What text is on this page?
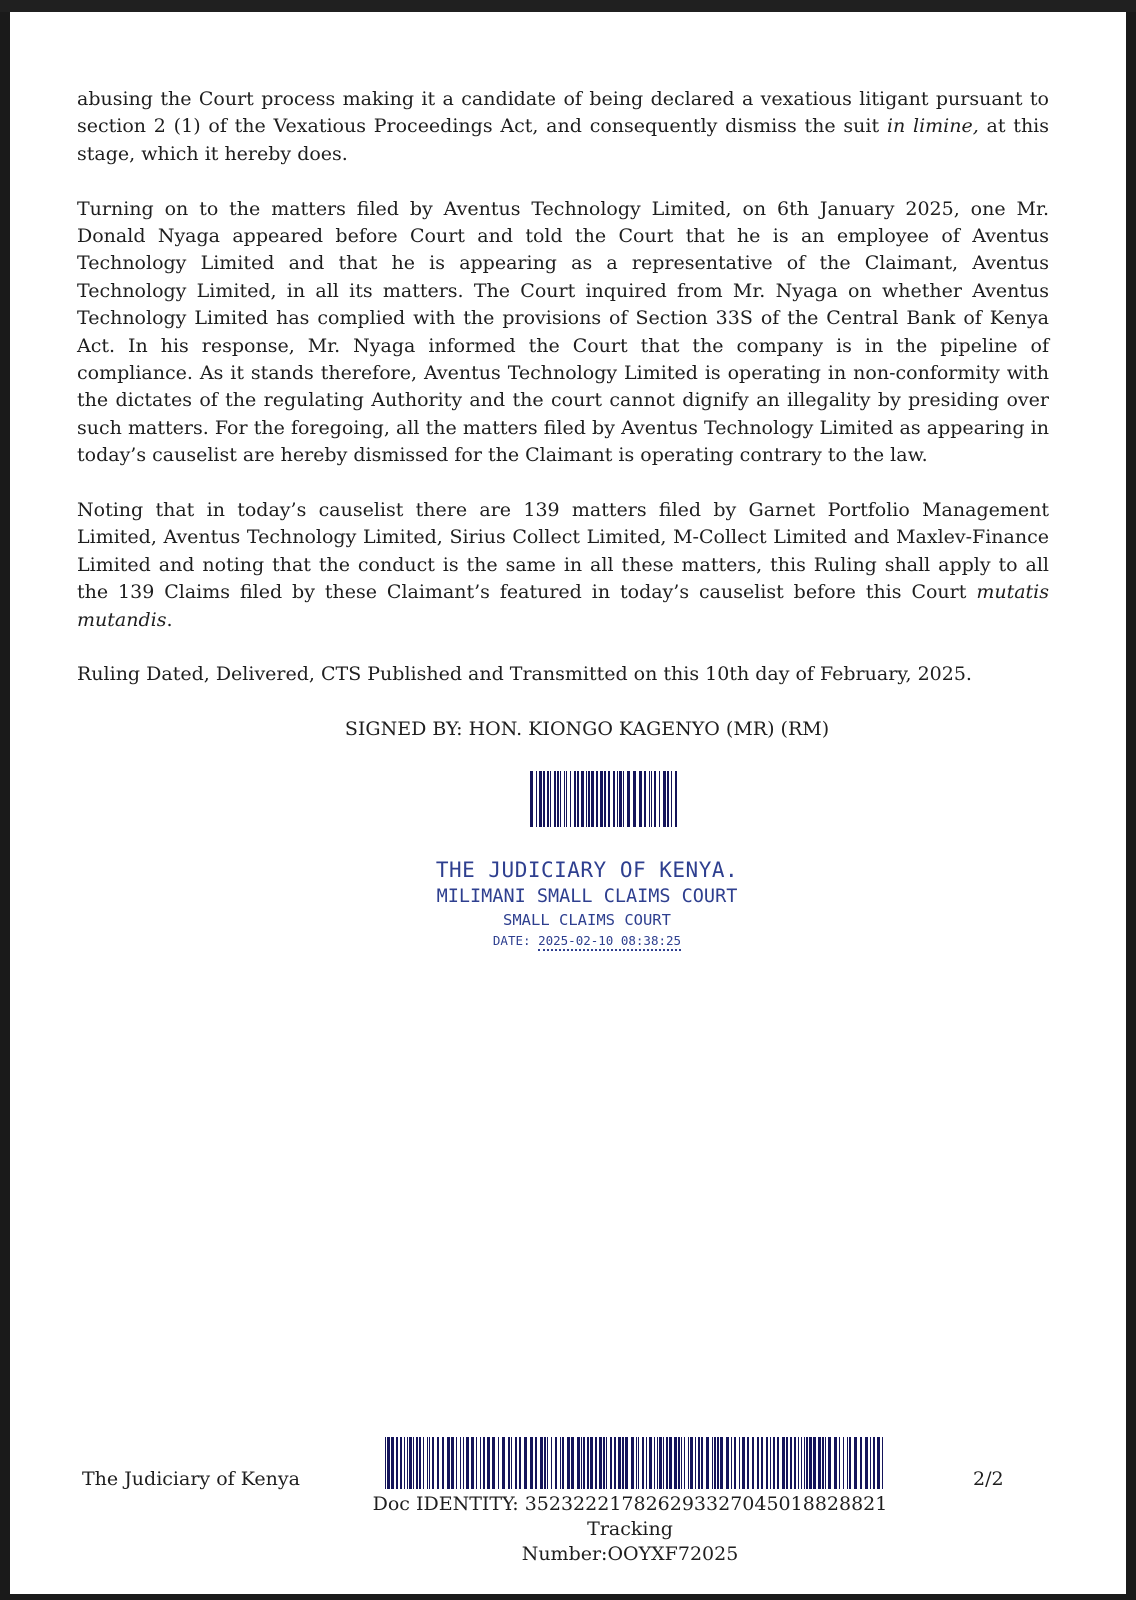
abusing the Court process making it a candidate of being declared a vexatious litigant pursuant to section 2 (1) of the Vexatious Proceedings Act, and consequently dismiss the suit in limine, at this stage, which it hereby does.

Turning on to the matters filed by Aventus Technology Limited, on 6th January 2025, one Mr. Donald Nyaga appeared before Court and told the Court that he is an employee of Aventus Technology Limited and that he is appearing as a representative of the Claimant, Aventus Technology Limited, in all its matters. The Court inquired from Mr. Nyaga on whether Aventus Technology Limited has complied with the provisions of Section 33S of the Central Bank of Kenya Act. In his response, Mr. Nyaga informed the Court that the company is in the pipeline of compliance. As it stands therefore, Aventus Technology Limited is operating in non-conformity with the dictates of the regulating Authority and the court cannot dignify an illegality by presiding over such matters. For the foregoing, all the matters filed by Aventus Technology Limited as appearing in today’s causelist are hereby dismissed for the Claimant is operating contrary to the law.

Noting that in today’s causelist there are 139 matters filed by Garnet Portfolio Management Limited, Aventus Technology Limited, Sirius Collect Limited, M-Collect Limited and Maxlev-Finance Limited and noting that the conduct is the same in all these matters, this Ruling shall apply to all the 139 Claims filed by these Claimant’s featured in today’s causelist before this Court mutatis mutandis.

Ruling Dated, Delivered, CTS Published and Transmitted on this 10th day of February, 2025.

SIGNED BY: HON. KIONGO KAGENYO (MR) (RM)
THE JUDICIARY OF KENYA.
MILIMANI SMALL CLAIMS COURT
SMALL CLAIMS COURT
DATE: 2025-02-10 08:38:25
The Judiciary of Kenya
Doc IDENTITY: 35232221782629332704501882882​1 Tracking
Number:OOYXF72025
2/2
